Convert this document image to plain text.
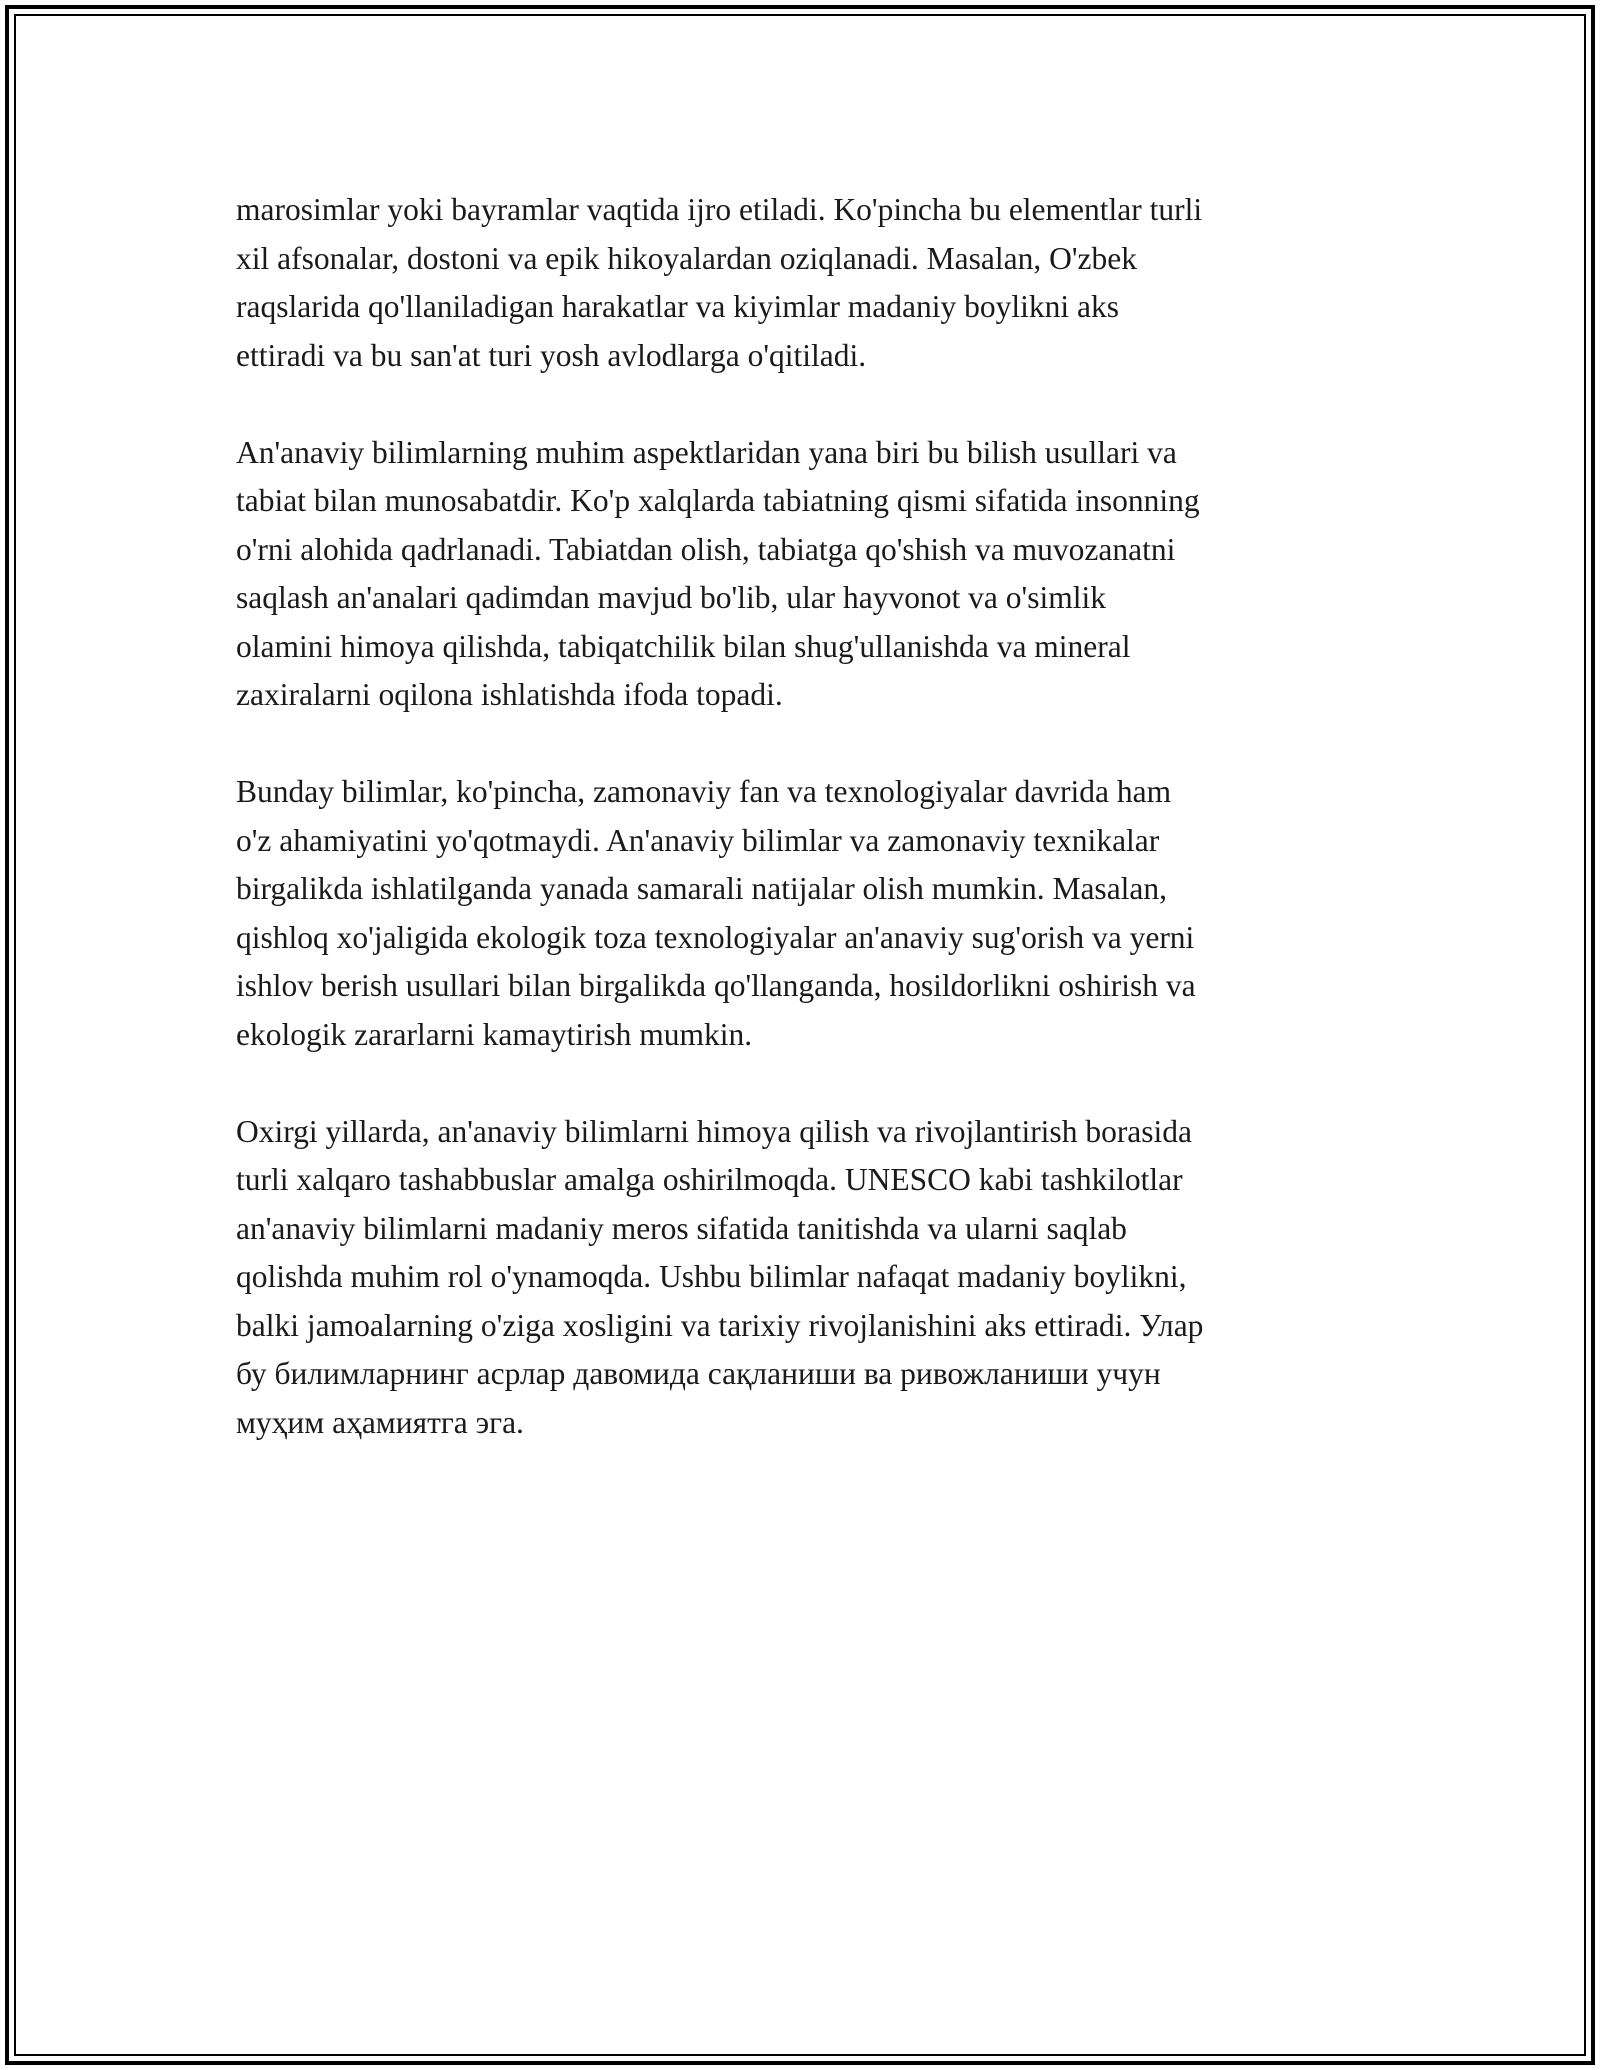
marosimlar yoki bayramlar vaqtida ijro etiladi. Ko'pincha bu elementlar turli
xil afsonalar, dostoni va epik hikoyalardan oziqlanadi. Masalan, O'zbek
raqslarida qo'llaniladigan harakatlar va kiyimlar madaniy boylikni aks
ettiradi va bu san'at turi yosh avlodlarga o'qitiladi.

An'anaviy bilimlarning muhim aspektlaridan yana biri bu bilish usullari va
tabiat bilan munosabatdir. Ko'p xalqlarda tabiatning qismi sifatida insonning
o'rni alohida qadrlanadi. Tabiatdan olish, tabiatga qo'shish va muvozanatni
saqlash an'analari qadimdan mavjud bo'lib, ular hayvonot va o'simlik
olamini himoya qilishda, tabiqatchilik bilan shug'ullanishda va mineral
zaxiralarni oqilona ishlatishda ifoda topadi.

Bunday bilimlar, ko'pincha, zamonaviy fan va texnologiyalar davrida ham
o'z ahamiyatini yo'qotmaydi. An'anaviy bilimlar va zamonaviy texnikalar
birgalikda ishlatilganda yanada samarali natijalar olish mumkin. Masalan,
qishloq xo'jaligida ekologik toza texnologiyalar an'anaviy sug'orish va yerni
ishlov berish usullari bilan birgalikda qo'llanganda, hosildorlikni oshirish va
ekologik zararlarni kamaytirish mumkin.

Oxirgi yillarda, an'anaviy bilimlarni himoya qilish va rivojlantirish borasida
turli xalqaro tashabbuslar amalga oshirilmoqda. UNESCO kabi tashkilotlar
an'anaviy bilimlarni madaniy meros sifatida tanitishda va ularni saqlab
qolishda muhim rol o'ynamoqda. Ushbu bilimlar nafaqat madaniy boylikni,
balki jamoalarning o'ziga xosligini va tarixiy rivojlanishini aks ettiradi. Улар
бу билимларнинг асрлар давомида сақланиши ва ривожланиши учун
муҳим аҳамиятга эга.
